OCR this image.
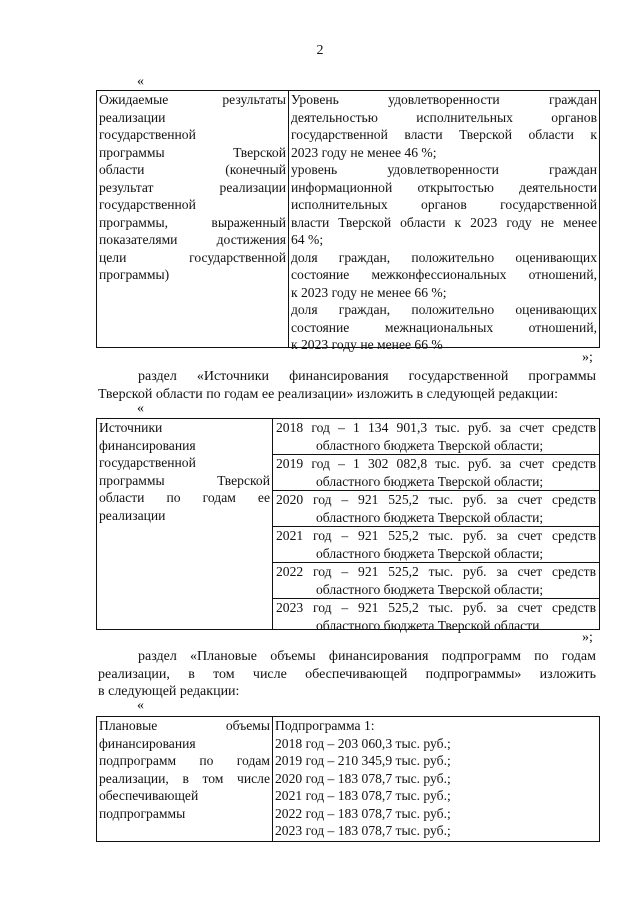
2
«
Ожидаемые результаты
реализации
государственной
программы Тверской
области (конечный
результат реализации
государственной
программы, выраженный
показателями достижения
цели государственной
программы)
Уровень удовлетворенности граждан
деятельностью исполнительных органов
государственной власти Тверской области к
2023 году не менее 46 %;
уровень удовлетворенности граждан
информационной открытостью деятельности
исполнительных органов государственной
власти Тверской области к 2023 году не менее
64 %;
доля граждан, положительно оценивающих
состояние межконфессиональных отношений,
к 2023 году не менее 66 %;
доля граждан, положительно оценивающих
состояние межнациональных отношений,
к 2023 году не менее 66 %
»;
раздел «Источники финансирования государственной программы
Тверской области по годам ее реализации» изложить в следующей редакции:
«
Источники
финансирования
государственной
программы Тверской
области по годам ее
реализации
2018 год – 1 134 901,3 тыс. руб. за счет средств
областного бюджета Тверской области;
2019 год – 1 302 082,8 тыс. руб. за счет средств
областного бюджета Тверской области;
2020 год – 921 525,2 тыс. руб. за счет средств
областного бюджета Тверской области;
2021 год – 921 525,2 тыс. руб. за счет средств
областного бюджета Тверской области;
2022 год – 921 525,2 тыс. руб. за счет средств
областного бюджета Тверской области;
2023 год – 921 525,2 тыс. руб. за счет средств
областного бюджета Тверской области
»;
раздел «Плановые объемы финансирования подпрограмм по годам
реализации, в том числе обеспечивающей подпрограммы» изложить
в следующей редакции:
«
Плановые объемы
финансирования
подпрограмм по годам
реализации, в том числе
обеспечивающей
подпрограммы
Подпрограмма 1:
2018 год – 203 060,3 тыс. руб.;
2019 год – 210 345,9 тыс. руб.;
2020 год – 183 078,7 тыс. руб.;
2021 год – 183 078,7 тыс. руб.;
2022 год – 183 078,7 тыс. руб.;
2023 год – 183 078,7 тыс. руб.;
